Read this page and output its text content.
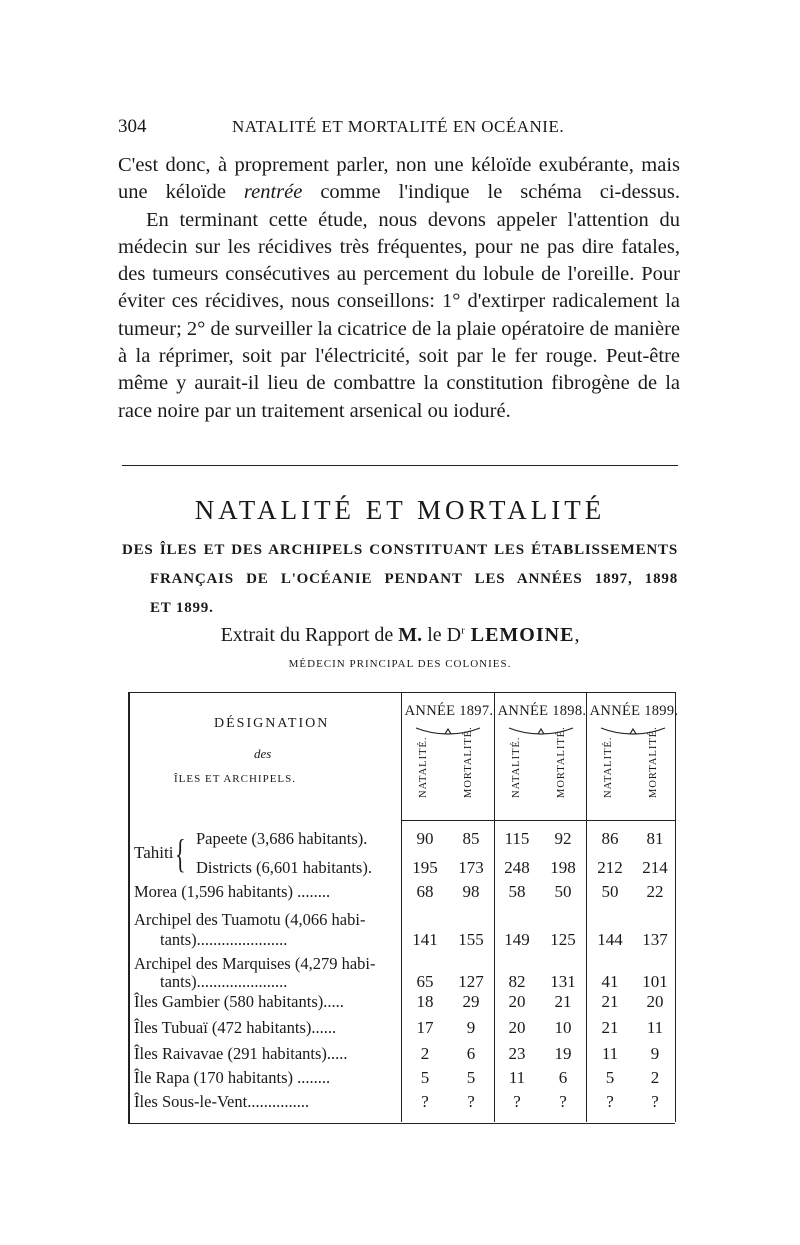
304	NATALITÉ ET MORTALITÉ EN OCÉANIE.

C'est donc, à proprement parler, non une kéloïde exubérante, mais une kéloïde rentrée comme l'indique le schéma ci-dessus.

En terminant cette étude, nous devons appeler l'attention du médecin sur les récidives très fréquentes, pour ne pas dire fatales, des tumeurs consécutives au percement du lobule de l'oreille. Pour éviter ces récidives, nous conseillons: 1° d'extirper radicalement la tumeur; 2° de surveiller la cicatrice de la plaie opératoire de manière à la réprimer, soit par l'électricité, soit par le fer rouge. Peut-être même y aurait-il lieu de combattre la constitution fibrogène de la race noire par un traitement arsenical ou ioduré.

NATALITÉ ET MORTALITÉ
DES ÎLES ET DES ARCHIPELS CONSTITUANT LES ÉTABLISSEMENTS
FRANÇAIS DE L'OCÉANIE PENDANT LES ANNÉES 1897, 1898
ET 1899.
Extrait du Rapport de M. le $D^r$ LEMOINE,
MÉDECIN PRINCIPAL DES COLONIES.
DÉSIGNATION
des
ÎLES ET ARCHIPELS.
ANNÉE 1897. ANNÉE 1898. ANNÉE 1899.
NATALITÉ.	MORTALITÉ.	NATALITÉ.	MORTALITÉ.	NATALITÉ.	MORTALITÉ.
Tahiti { Papeete (3,686 habitants).	90	85	115	92	86	81
Districts (6,601 habitants).	195	173	248	198	212	214
Morea (1,596 habitants) ........	68	98	58	50	50	22
Archipel des Tuamotu (4,066 habi-
tants)......................	141	155	149	125	144	137
Archipel des Marquises (4,279 habi-
tants)......................	65	127	82	131	41	101
Îles Gambier (580 habitants).....	18	29	20	21	21	20
Îles Tubuaï (472 habitants)......	17	9	20	10	21	11
Îles Raivavae (291 habitants).....	2	6	23	19	11	9
Île Rapa (170 habitants) ........	5	5	11	6	5	2
Îles Sous-le-Vent...............	?	?	?	?	?	?
